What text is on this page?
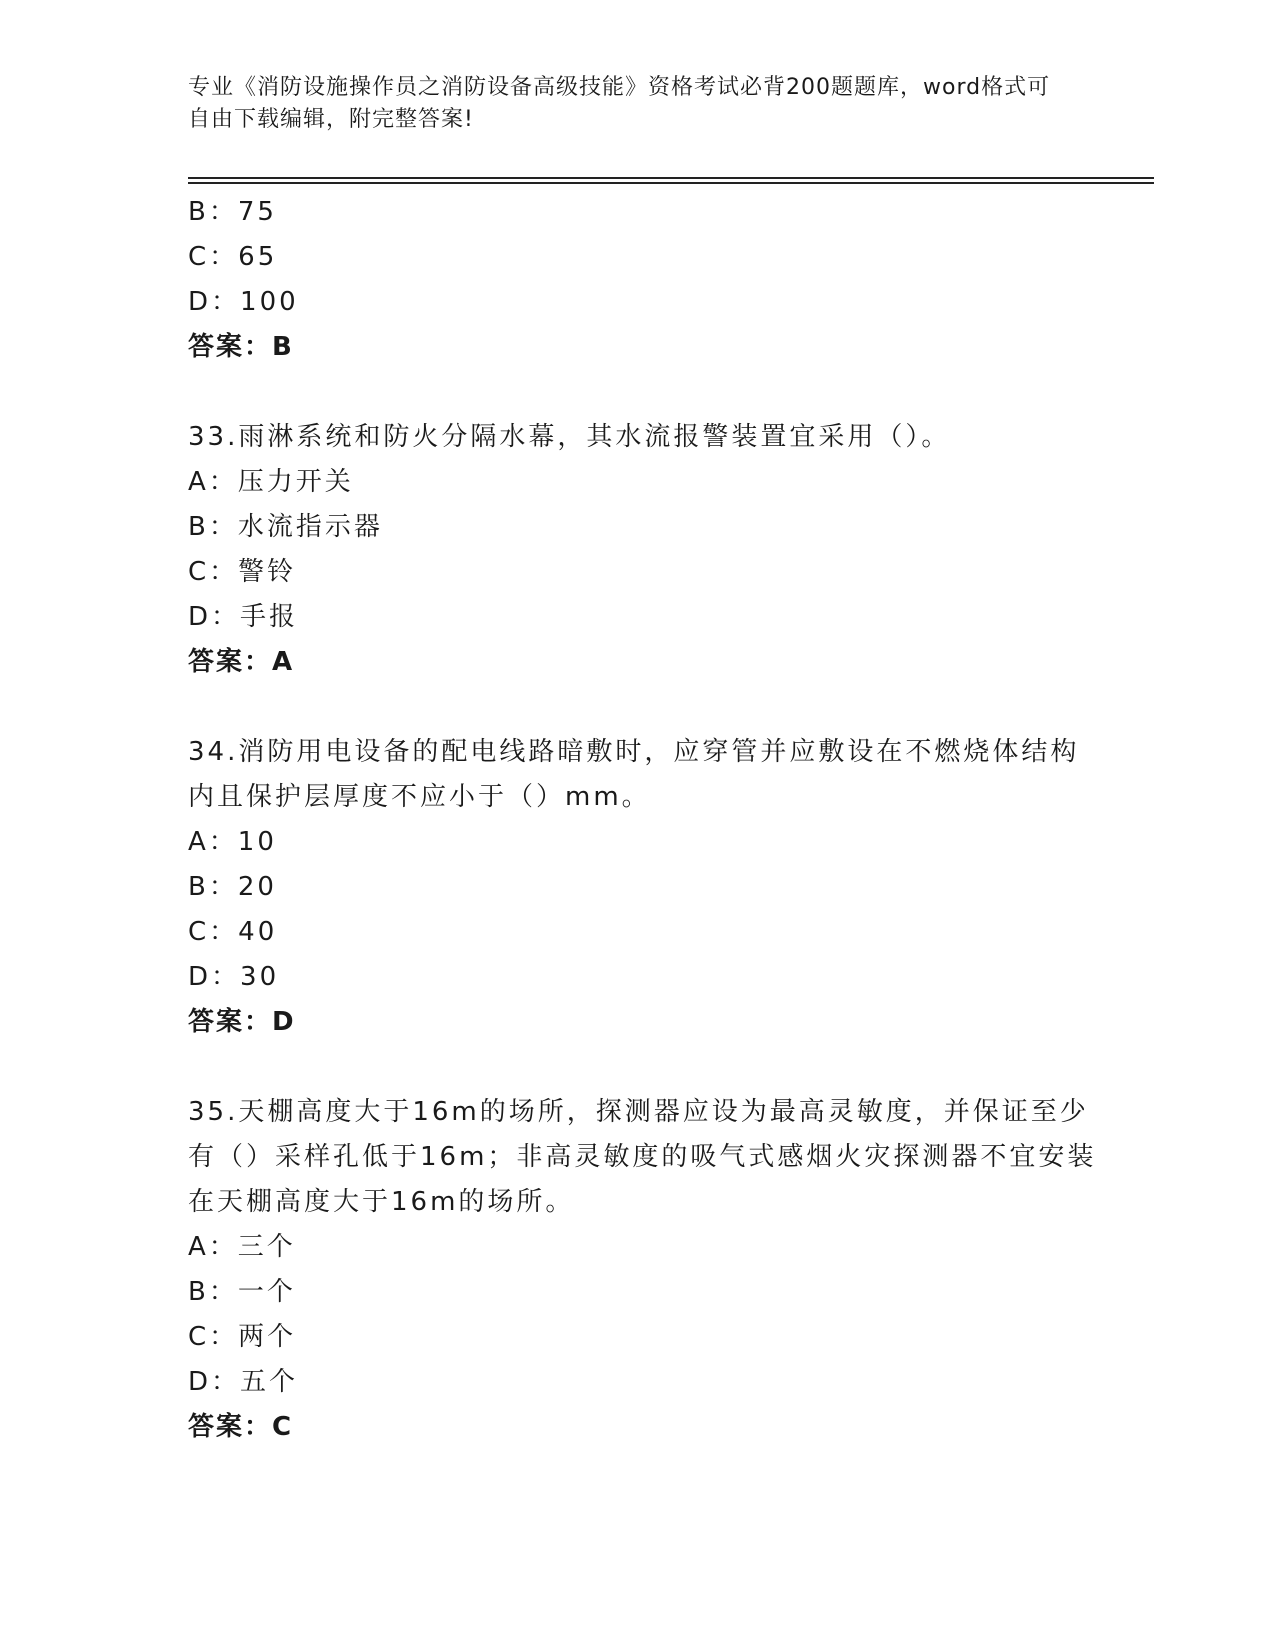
专业《消防设施操作员之消防设备高级技能》资格考试必背200题题库，word格式可自由下载编辑，附完整答案!
B：75
C：65
D：100
答案：B
33.雨淋系统和防火分隔水幕，其水流报警装置宜采用（）。
A：压力开关
B：水流指示器
C：警铃
D：手报
答案：A
34.消防用电设备的配电线路暗敷时，应穿管并应敷设在不燃烧体结构
内且保护层厚度不应小于（）mm。
A：10
B：20
C：40
D：30
答案：D
35.天棚高度大于16m的场所，探测器应设为最高灵敏度，并保证至少
有（）采样孔低于16m；非高灵敏度的吸气式感烟火灾探测器不宜安装
在天棚高度大于16m的场所。
A：三个
B：一个
C：两个
D：五个
答案：C
